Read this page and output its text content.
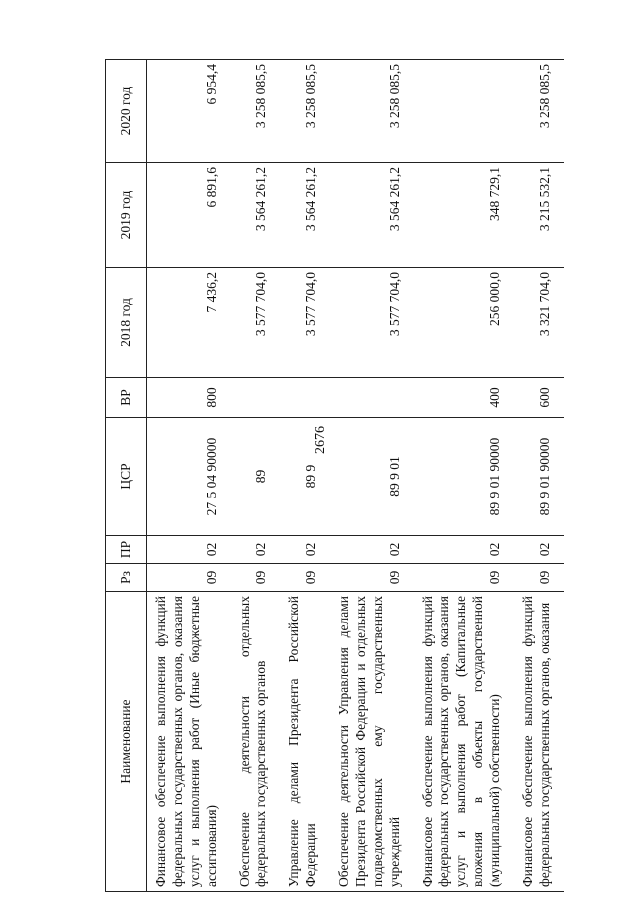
2676
Наименование	Рз	ПР	ЦСР	ВР	2018 год	2019 год	2020 год
Финансовое обеспечение выполнения функций федеральных государственных органов, оказания услуг и выполнения работ (Иные бюджетные ассигнования)	09	02	27 5 04 90000	800	7 436,2	6 891,6	6 954,4
Обеспечение деятельности отдельных федеральных государственных органов	09	02	89		3 577 704,0	3 564 261,2	3 258 085,5
Управление делами Президента Российской Федерации	09	02	89 9		3 577 704,0	3 564 261,2	3 258 085,5
Обеспечение деятельности Управления делами Президента Российской Федерации и отдельных подведомственных ему государственных учреждений	09	02	89 9 01		3 577 704,0	3 564 261,2	3 258 085,5
Финансовое обеспечение выполнения функций федеральных государственных органов, оказания услуг и выполнения работ (Капитальные вложения в объекты государственной (муниципальной) собственности)	09	02	89 9 01 90000	400	256 000,0	348 729,1	
Финансовое обеспечение выполнения функций федеральных государственных органов, оказания	09	02	89 9 01 90000	600	3 321 704,0	3 215 532,1	3 258 085,5
